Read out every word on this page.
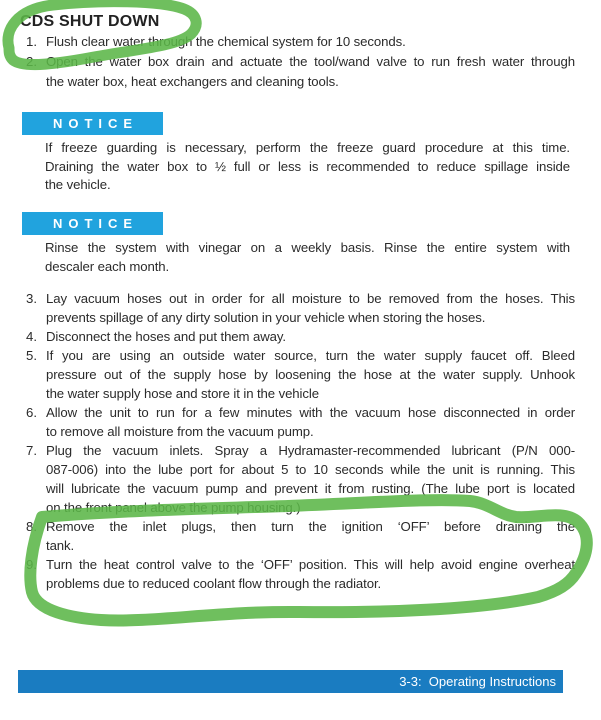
CDS SHUT DOWN
1. Flush clear water through the chemical system for 10 seconds.
2. Open the water box drain and actuate the tool/wand valve to run fresh water through
the water box, heat exchangers and cleaning tools.
NOTICE
If freeze guarding is necessary, perform the freeze guard procedure at this time.
Draining the water box to ½ full or less is recommended to reduce spillage inside
the vehicle.
NOTICE
Rinse the system with vinegar on a weekly basis. Rinse the entire system with
descaler each month.
3. Lay vacuum hoses out in order for all moisture to be removed from the hoses. This
prevents spillage of any dirty solution in your vehicle when storing the hoses.
4. Disconnect the hoses and put them away.
5. If you are using an outside water source, turn the water supply faucet off. Bleed
pressure out of the supply hose by loosening the hose at the water supply. Unhook
the water supply hose and store it in the vehicle
6. Allow the unit to run for a few minutes with the vacuum hose disconnected in order
to remove all moisture from the vacuum pump.
7. Plug the vacuum inlets. Spray a Hydramaster-recommended lubricant (P/N 000-
087-006) into the lube port for about 5 to 10 seconds while the unit is running. This
will lubricate the vacuum pump and prevent it from rusting. (The lube port is located
on the front panel above the pump housing.)
8. Remove the inlet plugs, then turn the ignition ‘OFF’ before draining the
tank.
9. Turn the heat control valve to the ‘OFF’ position. This will help avoid engine overheat
problems due to reduced coolant flow through the radiator.
3-3:  Operating Instructions
